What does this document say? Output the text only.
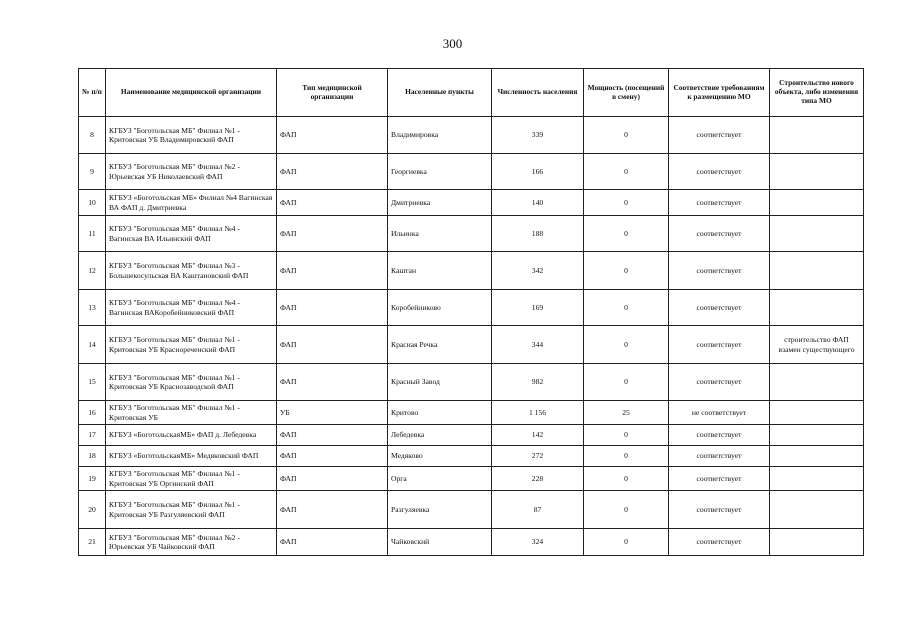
300
№ п/п	Наименование медицинской организации	Тип медицинской организации	Населенные пункты	Численность населения	Мощность (посещений в смену)	Соответствие требованиям к размещению МО	Строительство нового объекта, либо изменения типа МО
8	КГБУЗ "Боготольская МБ" Филиал №1 - Критовская УБ Владимировский ФАП	ФАП	Владимировка	339	0	соответствует	
9	КГБУЗ "Боготольская МБ" Филиал №2 - Юрьевская УБ Николаевский ФАП	ФАП	Георгиевка	166	0	соответствует	
10	КГБУЗ «Боготольская МБ» Филиал №4 Вагинская ВА ФАП д. Дмитриевка	ФАП	Дмитриевка	140	0	соответствует	
11	КГБУЗ "Боготольская МБ" Филиал №4 - Вагинская ВА Ильинский ФАП	ФАП	Ильинка	188	0	соответствует	
12	КГБУЗ "Боготольская МБ" Филиал №3 - Большекосульская ВА Каштановский ФАП	ФАП	Каштан	342	0	соответствует	
13	КГБУЗ "Боготольская МБ" Филиал №4 - Вагинская ВАКоробейниковский ФАП	ФАП	Коробейниково	169	0	соответствует	
14	КГБУЗ "Боготольская МБ" Филиал №1 - Критовская УБ Краснореченский ФАП	ФАП	Красная Речка	344	0	соответствует	строительство ФАП взамен существующего
15	КГБУЗ "Боготольская МБ" Филиал №1 - Критовская УБ Краснозаводской ФАП	ФАП	Красный Завод	982	0	соответствует	
16	КГБУЗ "Боготольская МБ" Филиал №1 - Критовская УБ	УБ	Критово	1 156	25	не соответствует	
17	КГБУЗ «БоготольскаяМБ» ФАП д. Лебедевка	ФАП	Лебедевка	142	0	соответствует	
18	КГБУЗ «БоготольскаяМБ» Медяковский ФАП	ФАП	Медяково	272	0	соответствует	
19	КГБУЗ "Боготольская МБ" Филиал №1 - Критовская УБ Оргинский ФАП	ФАП	Орга	228	0	соответствует	
20	КГБУЗ "Боготольская МБ" Филиал №1 - Критовская УБ Разгуляевский ФАП	ФАП	Разгуляевка	87	0	соответствует	
21	КГБУЗ "Боготольская МБ" Филиал №2 - Юрьевская УБ Чайковский ФАП	ФАП	Чайковский	324	0	соответствует	
